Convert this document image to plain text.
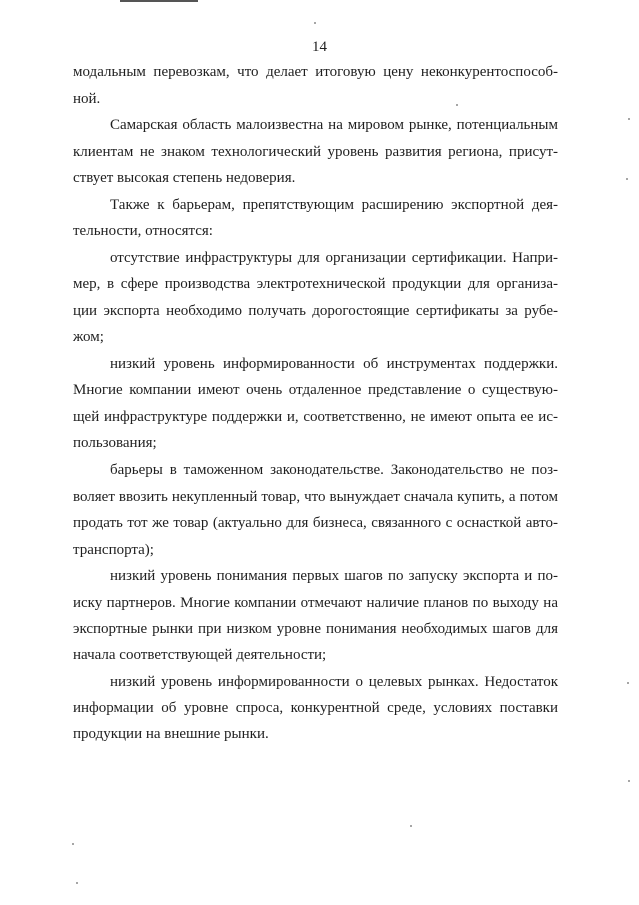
14
модальным перевозкам, что делает итоговую цену неконкурентоспособ-
ной.
Самарская область малоизвестна на мировом рынке, потенциальным
клиентам не знаком технологический уровень развития региона, присут-
ствует высокая степень недоверия.
Также к барьерам, препятствующим расширению экспортной дея-
тельности, относятся:
отсутствие инфраструктуры для организации сертификации. Напри-
мер, в сфере производства электротехнической продукции для организа-
ции экспорта необходимо получать дорогостоящие сертификаты за рубе-
жом;
низкий уровень информированности об инструментах поддержки.
Многие компании имеют очень отдаленное представление о существую-
щей инфраструктуре поддержки и, соответственно, не имеют опыта ее ис-
пользования;
барьеры в таможенном законодательстве. Законодательство не поз-
воляет ввозить некупленный товар, что вынуждает сначала купить, а потом
продать тот же товар (актуально для бизнеса, связанного с оснасткой авто-
транспорта);
низкий уровень понимания первых шагов по запуску экспорта и по-
иску партнеров. Многие компании отмечают наличие планов по выходу на
экспортные рынки при низком уровне понимания необходимых шагов для
начала соответствующей деятельности;
низкий уровень информированности о целевых рынках. Недостаток
информации об уровне спроса, конкурентной среде, условиях поставки
продукции на внешние рынки.
